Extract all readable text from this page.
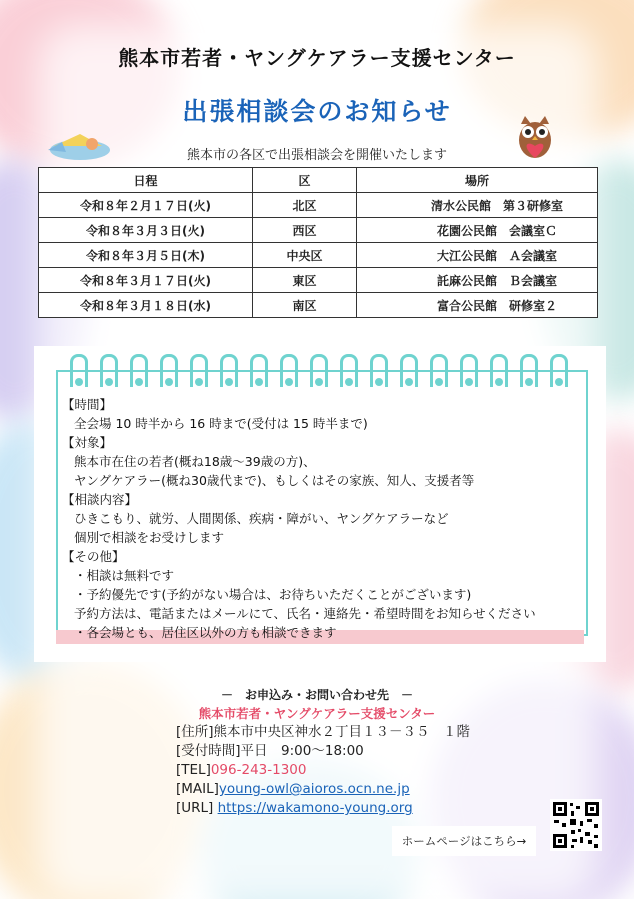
熊本市若者・ヤングケアラー支援センター
出張相談会のお知らせ
熊本市の各区で出張相談会を開催いたします
日程	区	場所
令和８年２月１７日(火)	北区	清水公民館　第３研修室
令和８年３月３日(火)	西区	花園公民館　会議室Ｃ
令和８年３月５日(木)	中央区	大江公民館　Ａ会議室
令和８年３月１７日(火)	東区	託麻公民館　Ｂ会議室
令和８年３月１８日(水)	南区	富合公民館　研修室２
【時間】
全会場 10 時半から 16 時まで(受付は 15 時半まで)
【対象】
熊本市在住の若者(概ね18歳～39歳の方)、
ヤングケアラー(概ね30歳代まで)、もしくはその家族、知人、支援者等
【相談内容】
ひきこもり、就労、人間関係、疾病・障がい、ヤングケアラーなど
個別で相談をお受けします
【その他】
・相談は無料です
・予約優先です(予約がない場合は、お待ちいただくことがございます)
予約方法は、電話またはメールにて、氏名・連絡先・希望時間をお知らせください
・各会場とも、居住区以外の方も相談できます
－　お申込み・お問い合わせ先　－
熊本市若者・ヤングケアラー支援センター
[住所]熊本市中央区神水２丁目１３－３５　１階
[受付時間]平日　9:00～18:00
[TEL]096-243-1300
[MAIL]young-owl@aioros.ocn.ne.jp
[URL] https://wakamono-young.org
ホームページはこちら→
